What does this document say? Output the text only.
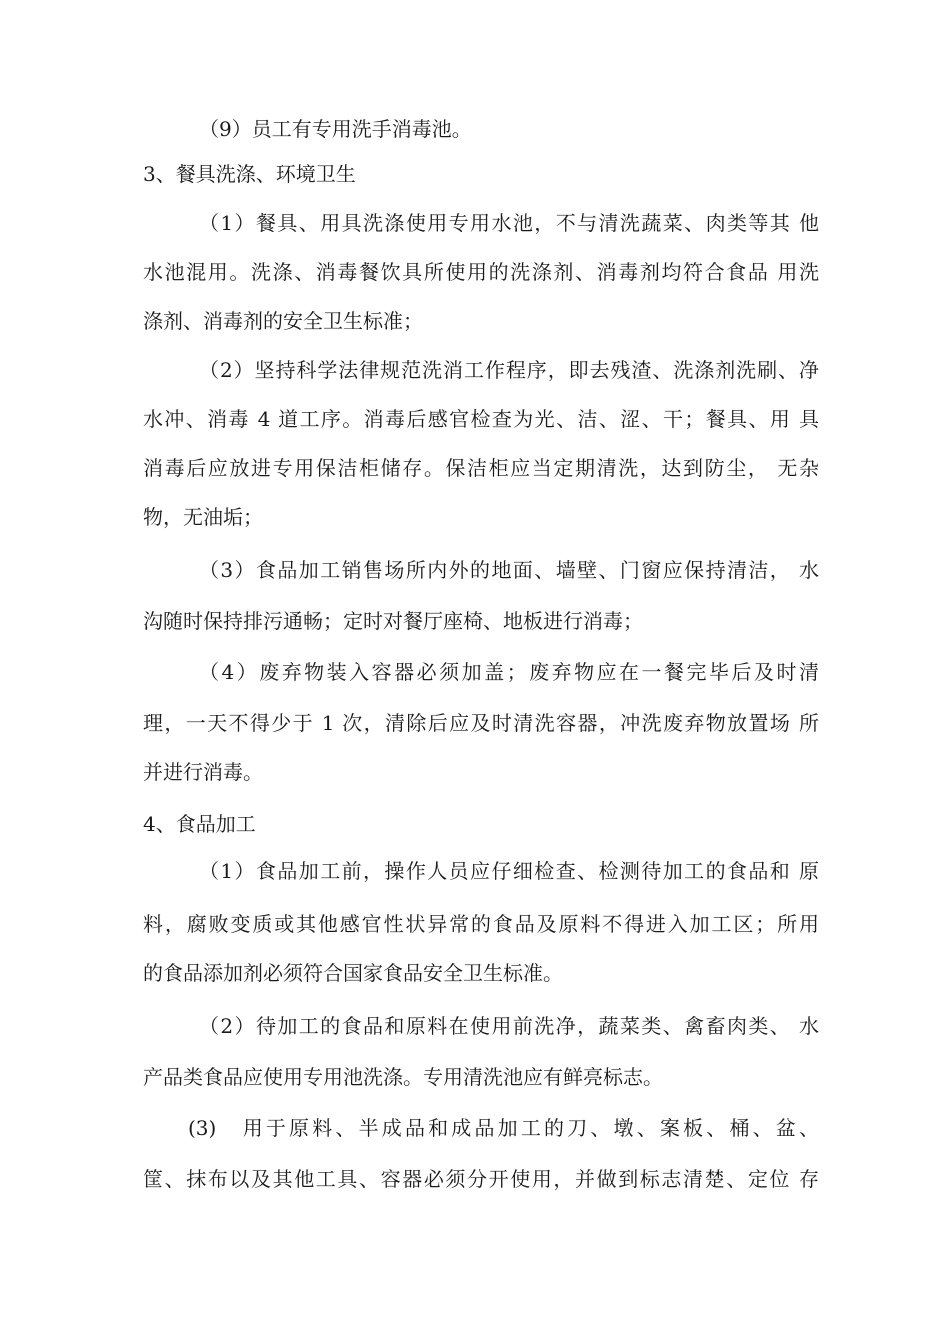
（9）员工有专用洗手消毒池。
3、餐具洗涤、环境卫生
（1）餐具、用具洗涤使用专用水池，不与清洗蔬菜、肉类等其 他
水池混用。洗涤、消毒餐饮具所使用的洗涤剂、消毒剂均符合食品 用洗
涤剂、消毒剂的安全卫生标准；
（2）坚持科学法律规范洗消工作程序，即去残渣、洗涤剂洗刷、净
水冲、消毒 4 道工序。消毒后感官检查为光、洁、涩、干；餐具、用 具
消毒后应放进专用保洁柜储存。保洁柜应当定期清洗，达到防尘， 无杂
物，无油垢；
（3）食品加工销售场所内外的地面、墙壁、门窗应保持清洁， 水
沟随时保持排污通畅；定时对餐厅座椅、地板进行消毒；
（4）废弃物装入容器必须加盖；废弃物应在一餐完毕后及时清
理，一天不得少于 1 次，清除后应及时清洗容器，冲洗废弃物放置场 所
并进行消毒。
4、食品加工
（1）食品加工前，操作人员应仔细检查、检测待加工的食品和 原
料，腐败变质或其他感官性状异常的食品及原料不得进入加工区；所用
的食品添加剂必须符合国家食品安全卫生标准。
（2）待加工的食品和原料在使用前洗净，蔬菜类、禽畜肉类、 水
产品类食品应使用专用池洗涤。专用清洗池应有鲜亮标志。
(3)　用于原料、半成品和成品加工的刀、墩、案板、桶、盆、
筐、抹布以及其他工具、容器必须分开使用，并做到标志清楚、定位 存
